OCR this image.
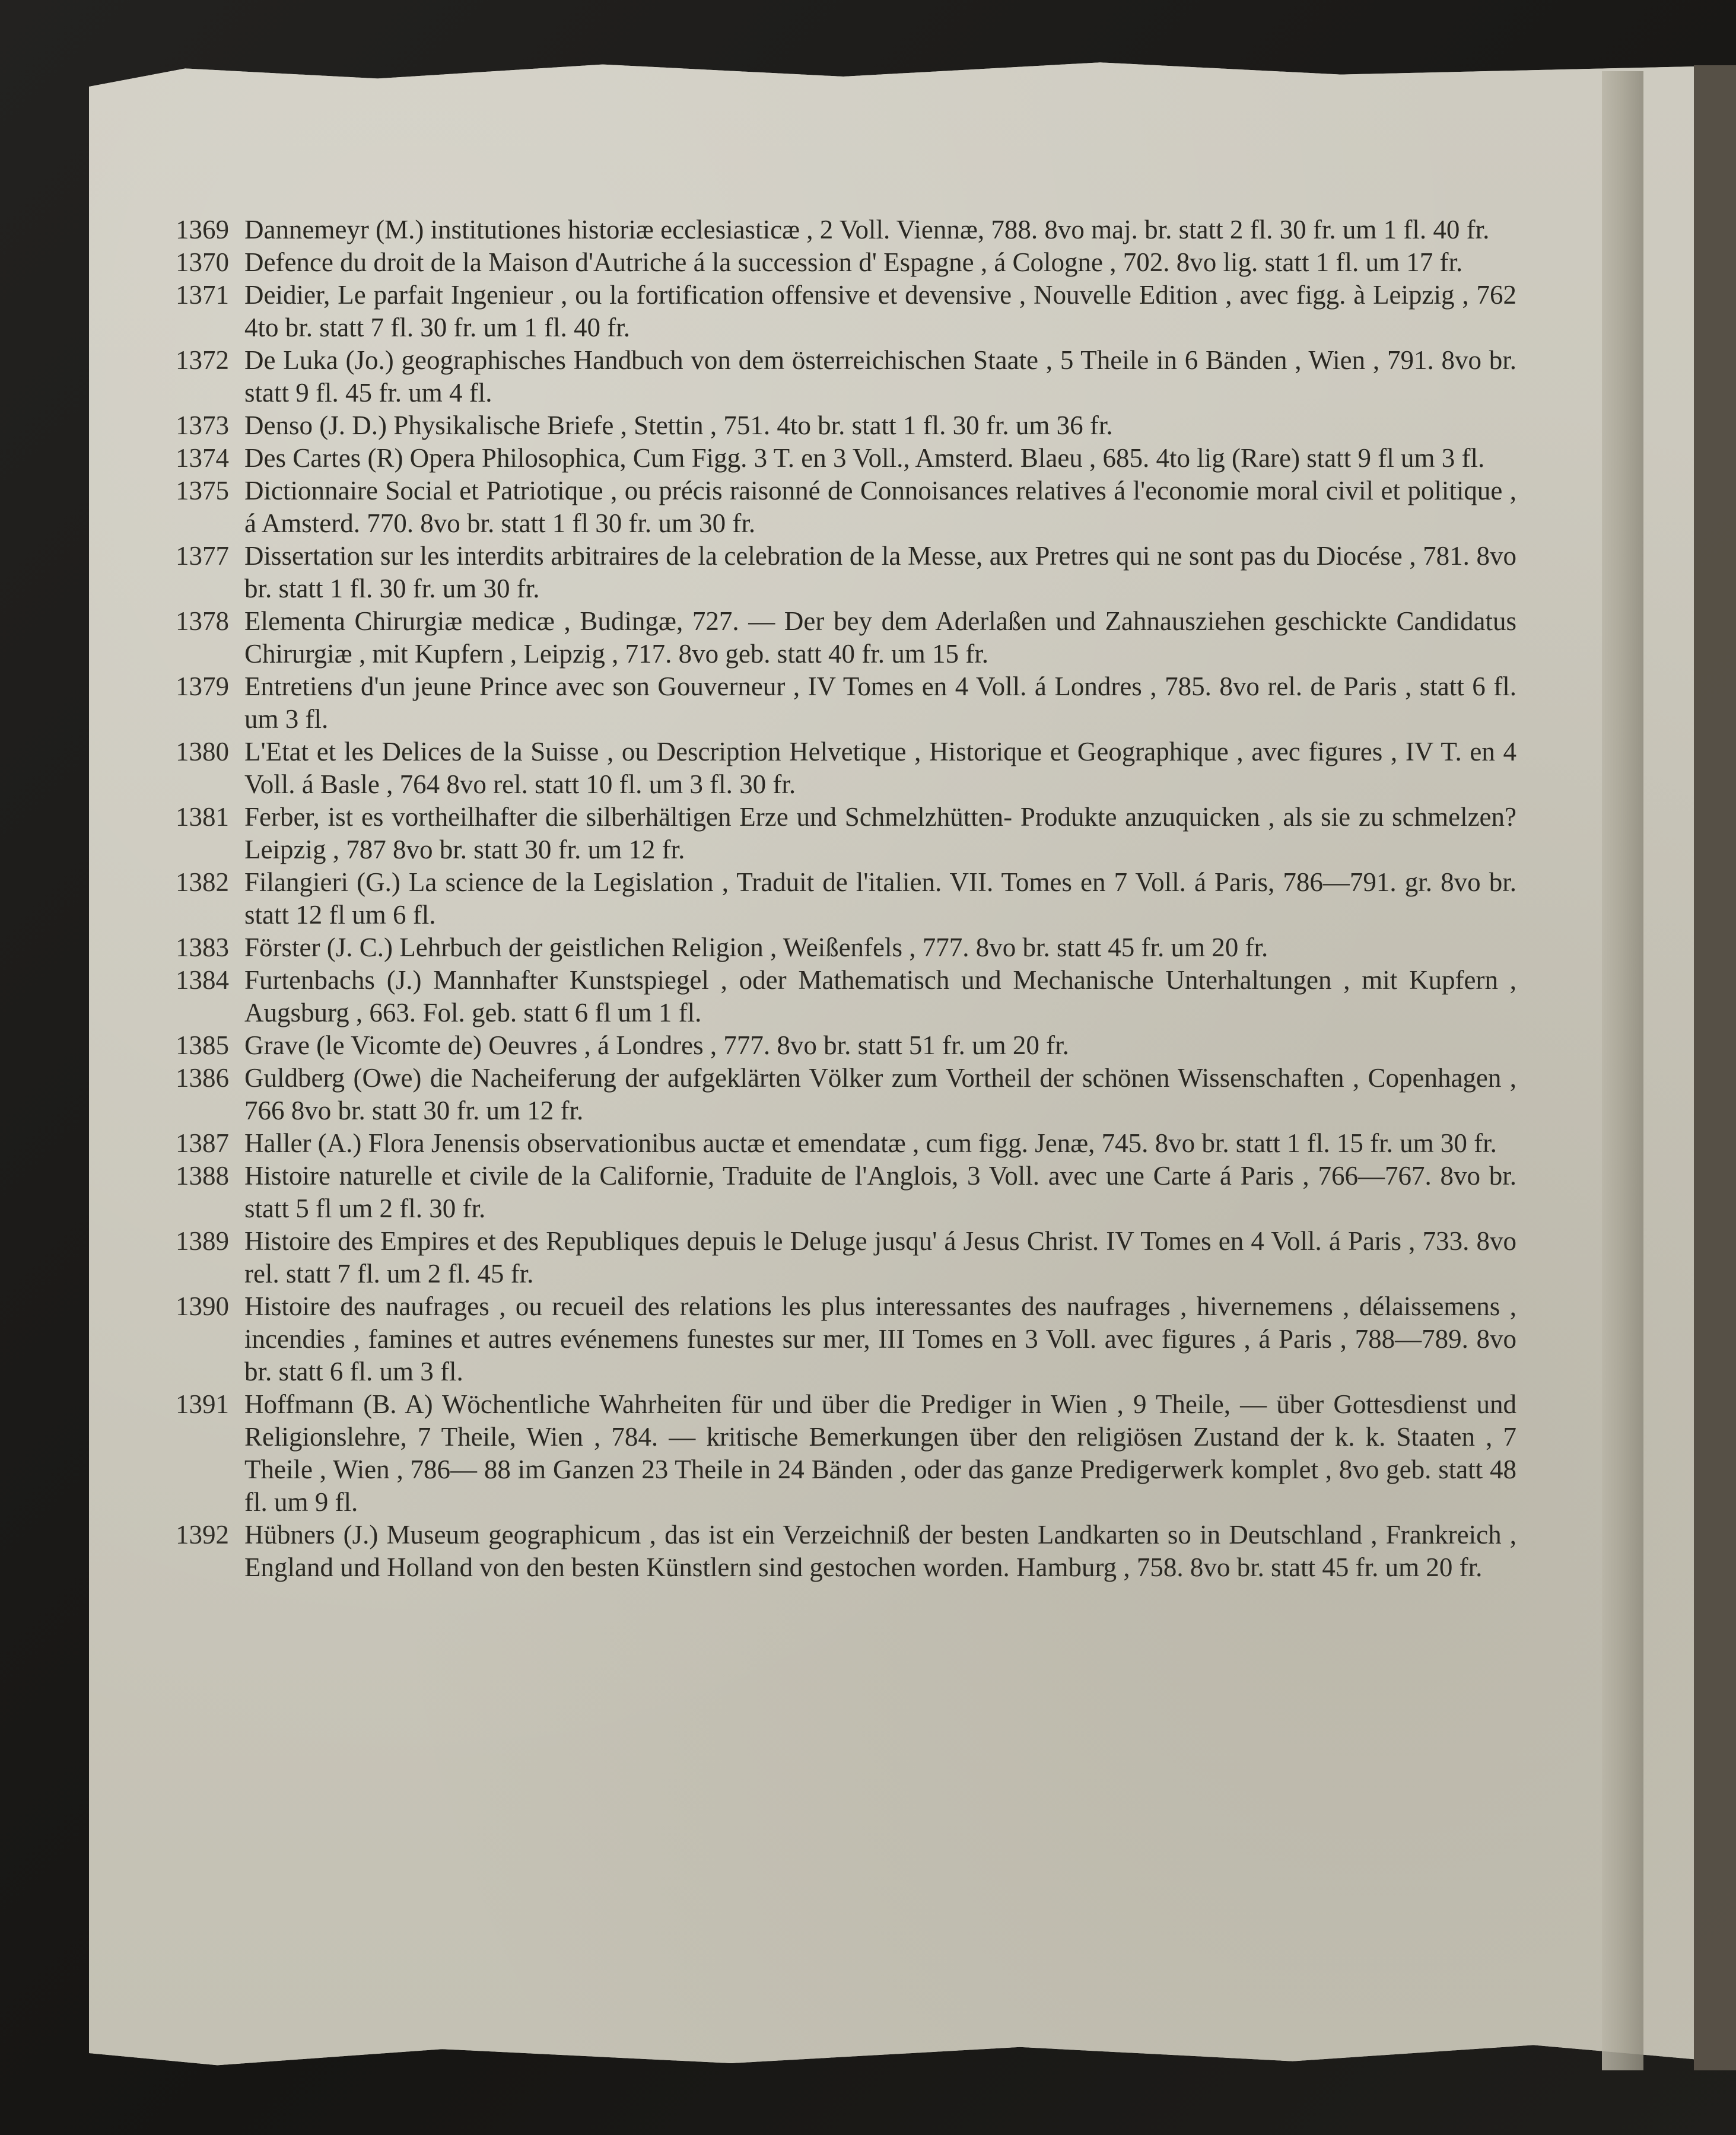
1369 Dannemeyr (M.) institutiones historiæ ecclesiasticæ , 2 Voll. Viennæ, 788. 8vo maj. br. statt 2 fl. 30 fr. um 1 fl. 40 fr.
1370 Defence du droit de la Maison d'Autriche á la succession d' Espagne , á Cologne , 702. 8vo lig. statt 1 fl. um 17 fr.
1371 Deidier, Le parfait Ingenieur , ou la fortification offensive et devensive , Nouvelle Edition , avec figg. à Leipzig , 762 4to br. statt 7 fl. 30 fr. um 1 fl. 40 fr.
1372 De Luka (Jo.) geographisches Handbuch von dem österreichischen Staate , 5 Theile in 6 Bänden , Wien , 791. 8vo br. statt 9 fl. 45 fr. um 4 fl.
1373 Denso (J. D.) Physikalische Briefe , Stettin , 751. 4to br. statt 1 fl. 30 fr. um 36 fr.
1374 Des Cartes (R) Opera Philosophica, Cum Figg. 3 T. en 3 Voll., Amsterd. Blaeu , 685. 4to lig (Rare) statt 9 fl um 3 fl.
1375 Dictionnaire Social et Patriotique , ou précis raisonné de Connoisances relatives á l'economie moral civil et politique , á Amsterd. 770. 8vo br. statt 1 fl 30 fr. um 30 fr.
1377 Dissertation sur les interdits arbitraires de la celebration de la Messe, aux Pretres qui ne sont pas du Diocése , 781. 8vo br. statt 1 fl. 30 fr. um 30 fr.
1378 Elementa Chirurgiæ medicæ , Budingæ, 727. — Der bey dem Aderlaßen und Zahnausziehen geschickte Candidatus Chirurgiæ , mit Kupfern , Leipzig , 717. 8vo geb. statt 40 fr. um 15 fr.
1379 Entretiens d'un jeune Prince avec son Gouverneur , IV Tomes en 4 Voll. á Londres , 785. 8vo rel. de Paris , statt 6 fl. um 3 fl.
1380 L'Etat et les Delices de la Suisse , ou Description Helvetique , Historique et Geographique , avec figures , IV T. en 4 Voll. á Basle , 764 8vo rel. statt 10 fl. um 3 fl. 30 fr.
1381 Ferber, ist es vortheilhafter die silberhältigen Erze und Schmelzhütten- Produkte anzuquicken , als sie zu schmelzen? Leipzig , 787 8vo br. statt 30 fr. um 12 fr.
1382 Filangieri (G.) La science de la Legislation , Traduit de l'italien. VII. Tomes en 7 Voll. á Paris, 786—791. gr. 8vo br. statt 12 fl um 6 fl.
1383 Förster (J. C.) Lehrbuch der geistlichen Religion , Weißenfels , 777. 8vo br. statt 45 fr. um 20 fr.
1384 Furtenbachs (J.) Mannhafter Kunstspiegel , oder Mathematisch und Mechanische Unterhaltungen , mit Kupfern , Augsburg , 663. Fol. geb. statt 6 fl um 1 fl.
1385 Grave (le Vicomte de) Oeuvres , á Londres , 777. 8vo br. statt 51 fr. um 20 fr.
1386 Guldberg (Owe) die Nacheiferung der aufgeklärten Völker zum Vortheil der schönen Wissenschaften , Copenhagen , 766 8vo br. statt 30 fr. um 12 fr.
1387 Haller (A.) Flora Jenensis observationibus auctæ et emendatæ , cum figg. Jenæ, 745. 8vo br. statt 1 fl. 15 fr. um 30 fr.
1388 Histoire naturelle et civile de la Californie, Traduite de l'Anglois, 3 Voll. avec une Carte á Paris , 766—767. 8vo br. statt 5 fl um 2 fl. 30 fr.
1389 Histoire des Empires et des Republiques depuis le Deluge jusqu' á Jesus Christ. IV Tomes en 4 Voll. á Paris , 733. 8vo rel. statt 7 fl. um 2 fl. 45 fr.
1390 Histoire des naufrages , ou recueil des relations les plus interessantes des naufrages , hivernemens , délaissemens , incendies , famines et autres evénemens funestes sur mer, III Tomes en 3 Voll. avec figures , á Paris , 788—789. 8vo br. statt 6 fl. um 3 fl.
1391 Hoffmann (B. A) Wöchentliche Wahrheiten für und über die Prediger in Wien , 9 Theile, — über Gottesdienst und Religionslehre, 7 Theile, Wien , 784. — kritische Bemerkungen über den religiösen Zustand der k. k. Staaten , 7 Theile , Wien , 786— 88 im Ganzen 23 Theile in 24 Bänden , oder das ganze Predigerwerk komplet , 8vo geb. statt 48 fl. um 9 fl.
1392 Hübners (J.) Museum geographicum , das ist ein Verzeichniß der besten Landkarten so in Deutschland , Frankreich , England und Holland von den besten Künstlern sind gestochen worden. Hamburg , 758. 8vo br. statt 45 fr. um 20 fr.
